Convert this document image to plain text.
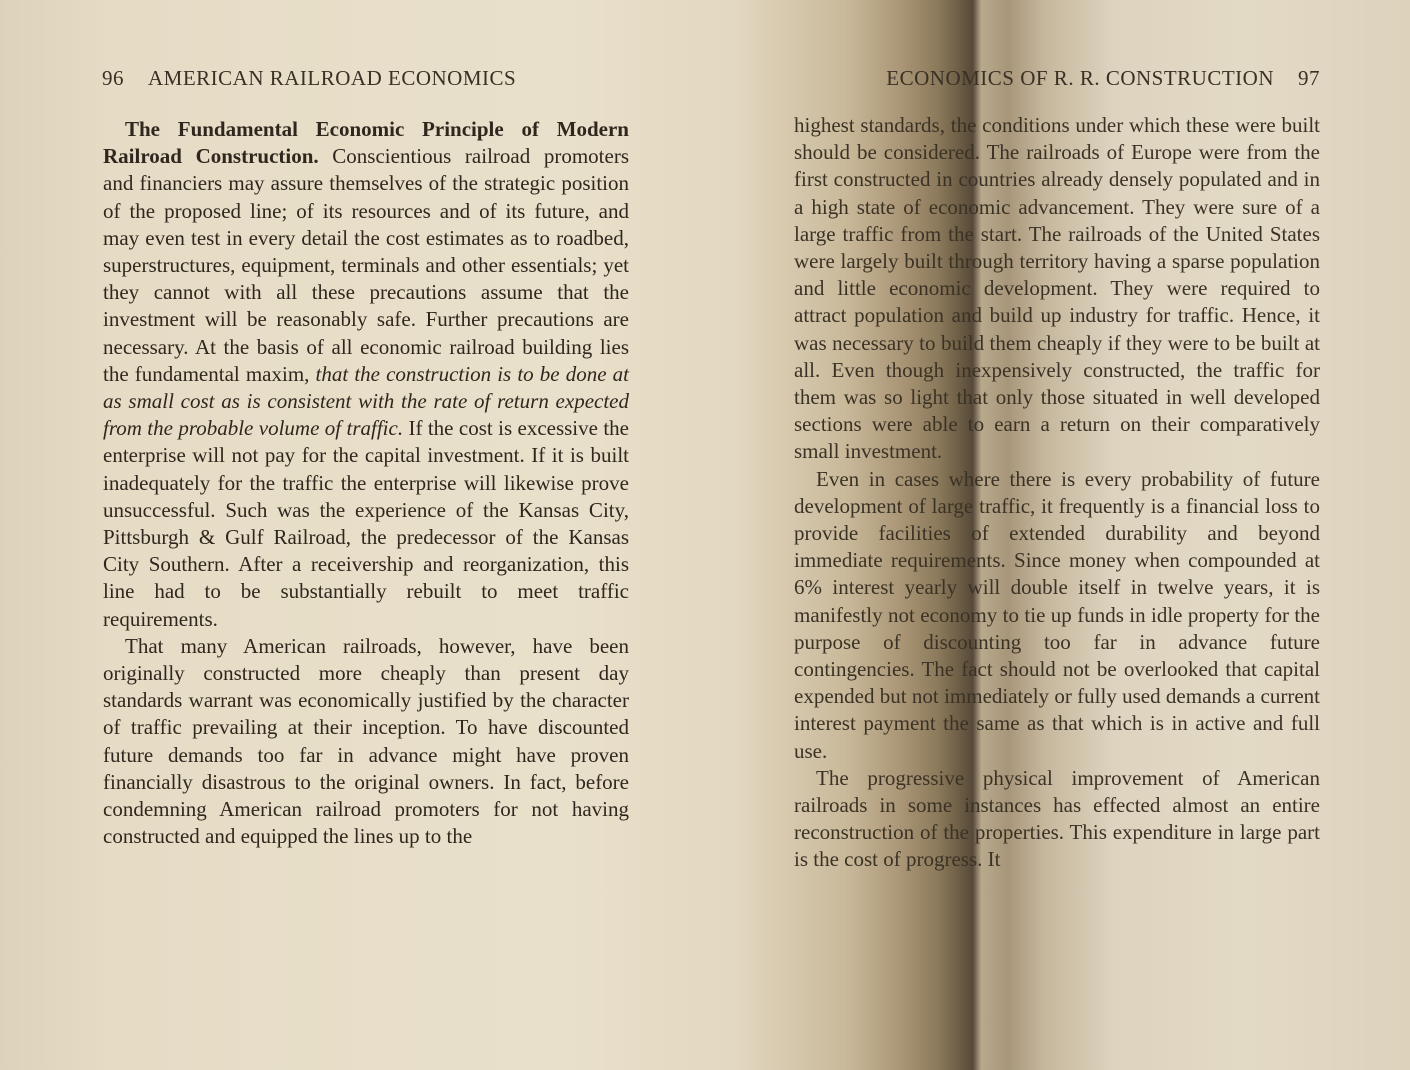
96 AMERICAN RAILROAD ECONOMICS

The Fundamental Economic Principle of Modern Railroad Construction. Conscientious railroad promoters and financiers may assure themselves of the strategic position of the proposed line; of its resources and of its future, and may even test in every detail the cost estimates as to roadbed, superstructures, equipment, terminals and other essentials; yet they cannot with all these precautions assume that the investment will be reasonably safe. Further precautions are necessary. At the basis of all economic railroad building lies the fundamental maxim, that the construction is to be done at as small cost as is consistent with the rate of return expected from the probable volume of traffic. If the cost is excessive the enterprise will not pay for the capital investment. If it is built inadequately for the traffic the enterprise will likewise prove unsuccessful. Such was the experience of the Kansas City, Pittsburgh & Gulf Railroad, the predecessor of the Kansas City Southern. After a receivership and reorganization, this line had to be substantially rebuilt to meet traffic requirements.

That many American railroads, however, have been originally constructed more cheaply than present day standards warrant was economically justified by the character of traffic prevailing at their inception. To have discounted future demands too far in advance might have proven financially disastrous to the original owners. In fact, before condemning American railroad promoters for not having constructed and equipped the lines up to the

ECONOMICS OF R. R. CONSTRUCTION 97

highest standards, the conditions under which these were built should be considered. The railroads of Europe were from the first constructed in countries already densely populated and in a high state of economic advancement. They were sure of a large traffic from the start. The railroads of the United States were largely built through territory having a sparse population and little economic development. They were required to attract population and build up industry for traffic. Hence, it was necessary to build them cheaply if they were to be built at all. Even though inexpensively constructed, the traffic for them was so light that only those situated in well developed sections were able to earn a return on their comparatively small investment.

Even in cases where there is every probability of future development of large traffic, it frequently is a financial loss to provide facilities of extended durability and beyond immediate requirements. Since money when compounded at 6% interest yearly will double itself in twelve years, it is manifestly not economy to tie up funds in idle property for the purpose of discounting too far in advance future contingencies. The fact should not be overlooked that capital expended but not immediately or fully used demands a current interest payment the same as that which is in active and full use.

The progressive physical improvement of American railroads in some instances has effected almost an entire reconstruction of the properties. This expenditure in large part is the cost of progress. It
